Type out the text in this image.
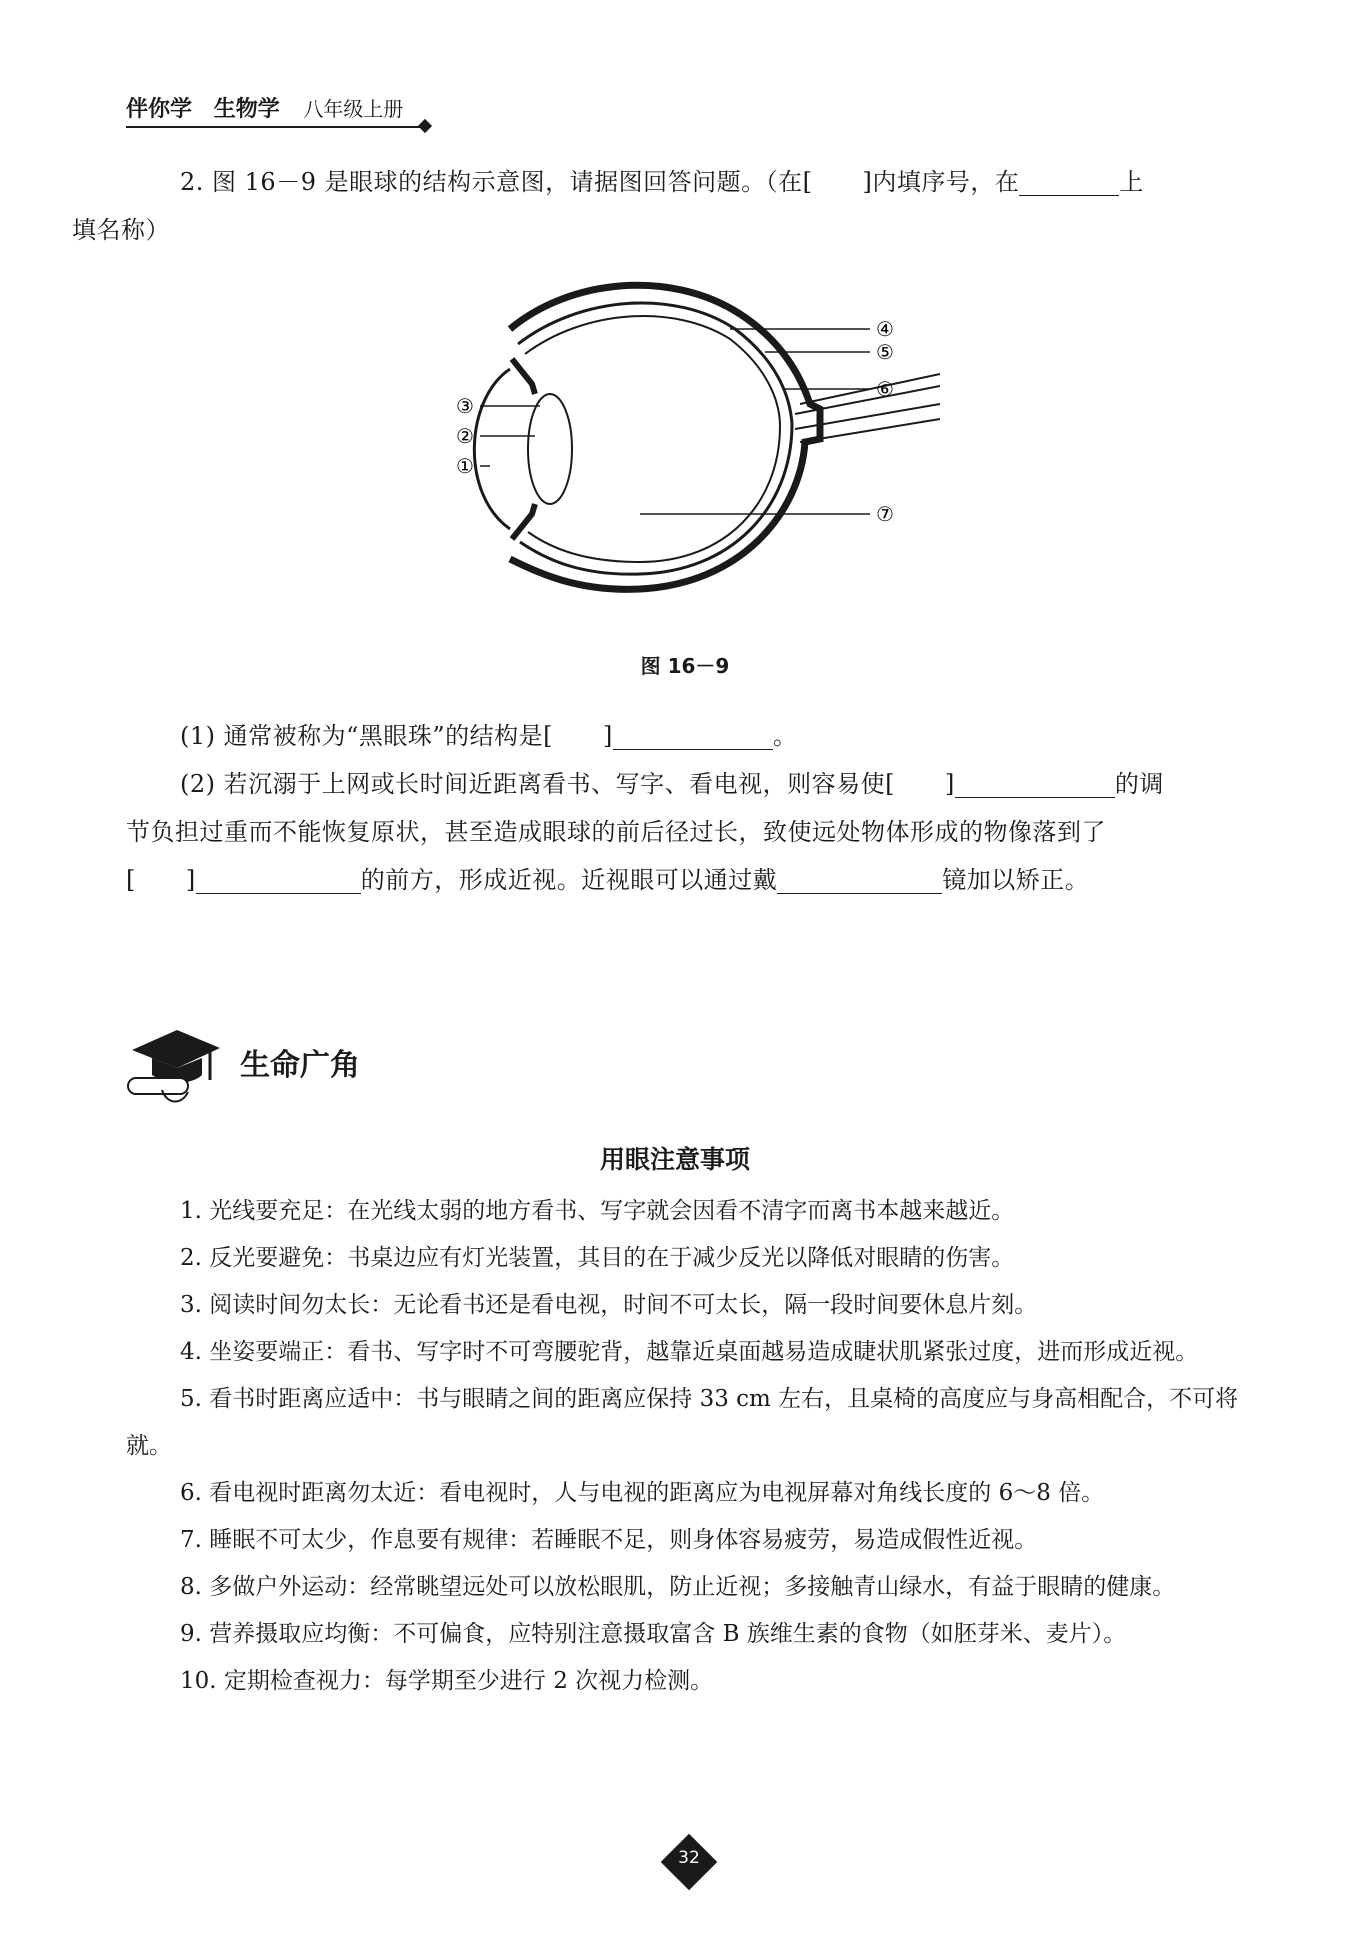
伴你学 生物学 八年级上册
2. 图 16－9 是眼球的结构示意图，请据图回答问题。（在[ ]内填序号，在	上
填名称）
④
⑤
⑥
⑦
③
②
①
图 16－9
(1) 通常被称为“黑眼珠”的结构是[ ]	。
(2) 若沉溺于上网或长时间近距离看书、写字、看电视，则容易使[ ]	的调
节负担过重而不能恢复原状，甚至造成眼球的前后径过长，致使远处物体形成的物像落到了
[ ]	的前方，形成近视。近视眼可以通过戴	镜加以矫正。
生命广角
用眼注意事项
1. 光线要充足：在光线太弱的地方看书、写字就会因看不清字而离书本越来越近。
2. 反光要避免：书桌边应有灯光装置，其目的在于减少反光以降低对眼睛的伤害。
3. 阅读时间勿太长：无论看书还是看电视，时间不可太长，隔一段时间要休息片刻。
4. 坐姿要端正：看书、写字时不可弯腰驼背，越靠近桌面越易造成睫状肌紧张过度，进而形成近视。
5. 看书时距离应适中：书与眼睛之间的距离应保持 33 cm 左右，且桌椅的高度应与身高相配合，不可将就。
6. 看电视时距离勿太近：看电视时，人与电视的距离应为电视屏幕对角线长度的 6～8 倍。
7. 睡眠不可太少，作息要有规律：若睡眠不足，则身体容易疲劳，易造成假性近视。
8. 多做户外运动：经常眺望远处可以放松眼肌，防止近视；多接触青山绿水，有益于眼睛的健康。
9. 营养摄取应均衡：不可偏食，应特别注意摄取富含 B 族维生素的食物（如胚芽米、麦片）。
10. 定期检查视力：每学期至少进行 2 次视力检测。
32
